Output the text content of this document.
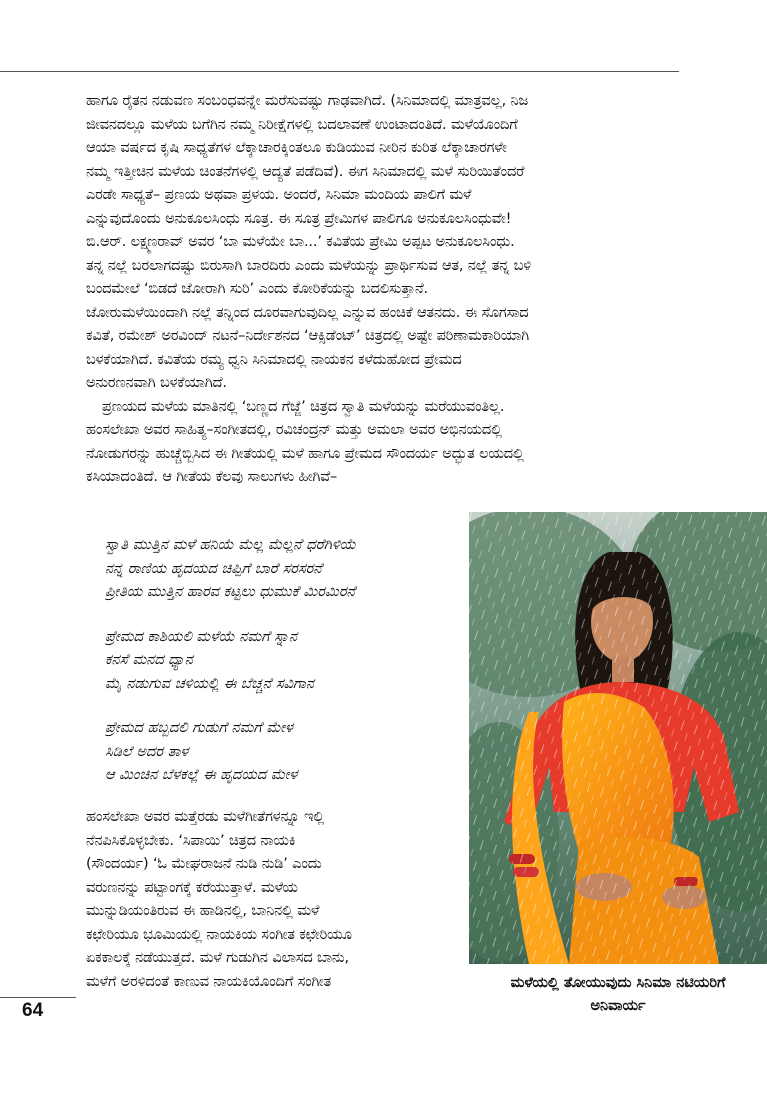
ಹಾಗೂ ರೈತನ ನಡುವಣ ಸಂಬಂಧವನ್ನೇ ಮರೆಸುವಷ್ಟು ಗಾಢವಾಗಿದೆ. (ಸಿನಿಮಾದಲ್ಲಿ ಮಾತ್ರವಲ್ಲ, ನಿಜ
ಜೀವನದಲ್ಲೂ ಮಳೆಯ ಬಗೆಗಿನ ನಮ್ಮ ನಿರೀಕ್ಷೆಗಳಲ್ಲಿ ಬದಲಾವಣೆ ಉಂಟಾದಂತಿದೆ. ಮಳೆಯೊಂದಿಗೆ
ಆಯಾ ವರ್ಷದ ಕೃಷಿ ಸಾಧ್ಯತೆಗಳ ಲೆಕ್ಕಾಚಾರಕ್ಕಿಂತಲೂ ಕುಡಿಯುವ ನೀರಿನ ಕುರಿತ ಲೆಕ್ಕಾಚಾರಗಳೇ
ನಮ್ಮ ಇತ್ತೀಚಿನ ಮಳೆಯ ಚಿಂತನೆಗಳಲ್ಲಿ ಆದ್ಯತೆ ಪಡೆದಿವೆ). ಈಗ ಸಿನಿಮಾದಲ್ಲಿ ಮಳೆ ಸುರಿಯಿತೆಂದರೆ
ಎರಡೇ ಸಾಧ್ಯತೆ– ಪ್ರಣಯ ಅಥವಾ ಪ್ರಳಯ. ಅಂದರೆ, ಸಿನಿಮಾ ಮಂದಿಯ ಪಾಲಿಗೆ ಮಳೆ
ಎನ್ನುವುದೊಂದು ಅನುಕೂಲಸಿಂಧು ಸೂತ್ರ. ಈ ಸೂತ್ರ ಪ್ರೇಮಿಗಳ ಪಾಲಿಗೂ ಅನುಕೂಲಸಿಂಧುವೇ!
ಬಿ.ಆರ್. ಲಕ್ಷ್ಮಣರಾವ್ ಅವರ ‘ಬಾ ಮಳೆಯೇ ಬಾ...’ ಕವಿತೆಯ ಪ್ರೇಮಿ ಅಪ್ಪಟ ಅನುಕೂಲಸಿಂಧು.
ತನ್ನ ನಲ್ಲೆ ಬರಲಾಗದಷ್ಟು ಬಿರುಸಾಗಿ ಬಾರದಿರು ಎಂದು ಮಳೆಯನ್ನು ಪ್ರಾರ್ಥಿಸುವ ಆತ, ನಲ್ಲೆ ತನ್ನ ಬಳಿ
ಬಂದಮೇಲೆ ‘ಬಿಡದೆ ಜೋರಾಗಿ ಸುರಿ’ ಎಂದು ಕೋರಿಕೆಯನ್ನು ಬದಲಿಸುತ್ತಾನೆ.
ಜೋರುಮಳೆಯಿಂದಾಗಿ ನಲ್ಲೆ ತನ್ನಿಂದ ದೂರವಾಗುವುದಿಲ್ಲ ಎನ್ನುವ ಹಂಚಿಕೆ ಆತನದು. ಈ ಸೊಗಸಾದ
ಕವಿತೆ, ರಮೇಶ್ ಅರವಿಂದ್ ನಟನೆ–ನಿರ್ದೇಶನದ ‘ಆಕ್ಸಿಡೆಂಟ್’ ಚಿತ್ರದಲ್ಲಿ ಅಷ್ಟೇ ಪರಿಣಾಮಕಾರಿಯಾಗಿ
ಬಳಕೆಯಾಗಿದೆ. ಕವಿತೆಯ ರಮ್ಯ ಧ್ವನಿ ಸಿನಿಮಾದಲ್ಲಿ ನಾಯಕನ ಕಳೆದುಹೋದ ಪ್ರೇಮದ
ಅನುರಣನವಾಗಿ ಬಳಕೆಯಾಗಿದೆ.
ಪ್ರಣಯದ ಮಳೆಯ ಮಾತಿನಲ್ಲಿ ‘ಬಣ್ಣದ ಗೆಜ್ಜೆ’ ಚಿತ್ರದ ಸ್ವಾತಿ ಮಳೆಯನ್ನು ಮರೆಯುವಂತಿಲ್ಲ.
ಹಂಸಲೇಖಾ ಅವರ ಸಾಹಿತ್ಯ–ಸಂಗೀತದಲ್ಲಿ, ರವಿಚಂದ್ರನ್ ಮತ್ತು ಅಮಲಾ ಅವರ ಅಭಿನಯದಲ್ಲಿ
ನೋಡುಗರನ್ನು ಹುಚ್ಚೆಬ್ಬಿಸಿದ ಈ ಗೀತೆಯಲ್ಲಿ ಮಳೆ ಹಾಗೂ ಪ್ರೇಮದ ಸೌಂದರ್ಯ ಅದ್ಭುತ ಲಯದಲ್ಲಿ
ಕಸಿಯಾದಂತಿದೆ. ಆ ಗೀತೆಯ ಕೆಲವು ಸಾಲುಗಳು ಹೀಗಿವೆ–
ಸ್ವಾತಿ ಮುತ್ತಿನ ಮಳೆ ಹನಿಯೆ ಮೆಲ್ಲ ಮೆಲ್ಲನೆ ಧರೆಗಿಳಿಯೆ
ನನ್ನ ರಾಣಿಯ ಹೃದಯದ ಚಿಪ್ಪಿಗೆ ಬಾರೆ ಸರಸರನೆ
ಪ್ರೀತಿಯ ಮುತ್ತಿನ ಹಾರವ ಕಟ್ಟಲು ಧುಮುಕೆ ಮಿರಮಿರನೆ
ಪ್ರೇಮದ ಕಾಶಿಯಲಿ ಮಳೆಯೆ ನಮಗೆ ಸ್ನಾನ
ಕನಸೆ ಮನದ ಧ್ಯಾನ
ಮೈ ನಡುಗುವ ಚಳಿಯಲ್ಲಿ ಈ ಬೆಚ್ಚನೆ ಸವಿಗಾನ
ಪ್ರೇಮದ ಹಬ್ಬದಲಿ ಗುಡುಗೆ ನಮಗೆ ಮೇಳ
ಸಿಡಿಲೆ ಅದರ ತಾಳ
ಆ ಮಿಂಚಿನ ಬೆಳಕಲ್ಲೆ ಈ ಹೃದಯದ ಮೇಳ
ಹಂಸಲೇಖಾ ಅವರ ಮತ್ತೆರಡು ಮಳೆಗೀತೆಗಳನ್ನೂ ಇಲ್ಲಿ
ನೆನಪಿಸಿಕೊಳ್ಳಬೇಕು. ‘ಸಿಪಾಯಿ’ ಚಿತ್ರದ ನಾಯಕಿ
(ಸೌಂದರ್ಯ) ‘ಓ ಮೇಘರಾಜನೆ ನುಡಿ ನುಡಿ’ ಎಂದು
ವರುಣನನ್ನು ಪಟ್ಟಾಂಗಕ್ಕೆ ಕರೆಯುತ್ತಾಳೆ. ಮಳೆಯ
ಮುನ್ನುಡಿಯಂತಿರುವ ಈ ಹಾಡಿನಲ್ಲಿ, ಬಾನಿನಲ್ಲಿ ಮಳೆ
ಕಛೇರಿಯೂ ಭೂಮಿಯಲ್ಲಿ ನಾಯಕಿಯ ಸಂಗೀತ ಕಛೇರಿಯೂ
ಏಕಕಾಲಕ್ಕೆ ನಡೆಯುತ್ತದೆ. ಮಳೆ ಗುಡುಗಿನ ವಿಲಾಸದ ಬಾನು,
ಮಳೆಗೆ ಅರಳಿದಂತೆ ಕಾಣುವ ನಾಯಕಿಯೊಂದಿಗೆ ಸಂಗೀತ	ಮಳೆಯಲ್ಲಿ ತೋಯುವುದು ಸಿನಿಮಾ ನಟಿಯರಿಗೆ
ಅನಿವಾರ್ಯ
64
